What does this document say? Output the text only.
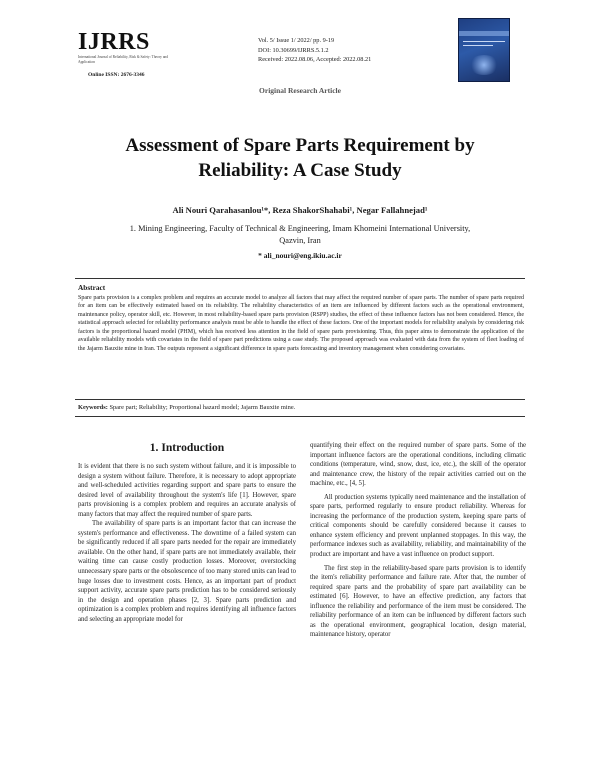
IJRRS
International Journal of Reliability, Risk & Safety: Theory and Application
Online ISSN: 2676-3346
Vol. 5/ Issue 1/ 2022/ pp. 9-19
DOI: 10.30699/IJRRS.5.1.2
Received: 2022.08.06, Accepted: 2022.08.21
Original Research Article
Assessment of Spare Parts Requirement by
Reliability: A Case Study
Ali Nouri Qarahasanlou¹*, Reza ShakorShahabi¹, Negar Fallahnejad¹
1. Mining Engineering, Faculty of Technical & Engineering, Imam Khomeini International University,
Qazvin, Iran
* ali_nouri@eng.ikiu.ac.ir
Abstract
Spare parts provision is a complex problem and requires an accurate model to analyze all factors that may affect the required number of spare parts. The number of spare parts required for an item can be effectively estimated based on its reliability. The reliability characteristics of an item are influenced by different factors such as the operational environment, maintenance policy, operator skill, etc. However, in most reliability-based spare parts provision (RSPP) studies, the effect of these influence factors has not been considered. Hence, the statistical approach selected for reliability performance analysis must be able to handle the effect of these factors. One of the important models for reliability analysis by considering risk factors is the proportional hazard model (PHM), which has received less attention in the field of spare parts provisioning. Thus, this paper aims to demonstrate the application of the available reliability models with covariates in the field of spare part predictions using a case study. The proposed approach was evaluated with data from the system of fleet loading of the Jajarm Bauxite mine in Iran. The outputs represent a significant difference in spare parts forecasting and inventory management when considering covariates.
Keywords: Spare part; Reliability; Proportional hazard model; Jajarm Bauxite mine.
1. Introduction

It is evident that there is no such system without failure, and it is impossible to design a system without failure. Therefore, it is necessary to adopt appropriate and well-scheduled activities regarding support and spare parts to ensure the desired level of availability throughout the system's life [1]. However, spare parts provisioning is a complex problem and requires an accurate analysis of many factors that may affect the required number of spare parts.

The availability of spare parts is an important factor that can increase the system's performance and effectiveness. The downtime of a failed system can be significantly reduced if all spare parts needed for the repair are immediately available. On the other hand, if spare parts are not immediately available, their waiting time can cause costly production losses. Moreover, overstocking unnecessary spare parts or the obsolescence of too many stored units can lead to huge losses due to investment costs. Hence, as an important part of product support activity, accurate spare parts prediction has to be considered seriously in the design and operation phases [2, 3]. Spare parts prediction and optimization is a complex problem and requires identifying all influence factors and selecting an appropriate model for

quantifying their effect on the required number of spare parts. Some of the important influence factors are the operational conditions, including climatic conditions (temperature, wind, snow, dust, ice, etc.), the skill of the operator and maintenance crew, the history of the repair activities carried out on the machine, etc., [4, 5].

All production systems typically need maintenance and the installation of spare parts, performed regularly to ensure product reliability. Whereas for increasing the performance of the production system, keeping spare parts of critical components should be carefully considered because it causes to enhance system efficiency and prevent unplanned stoppages. In this way, the performance indexes such as availability, reliability, and maintainability of the product are important and have a vast influence on product support.

The first step in the reliability-based spare parts provision is to identify the item's reliability performance and failure rate. After that, the number of required spare parts and the probability of spare part availability can be estimated [6]. However, to have an effective prediction, any factors that influence the reliability and performance of the item must be considered. The reliability performance of an item can be influenced by different factors such as the operational environment, geographical location, design material, maintenance history, operator
